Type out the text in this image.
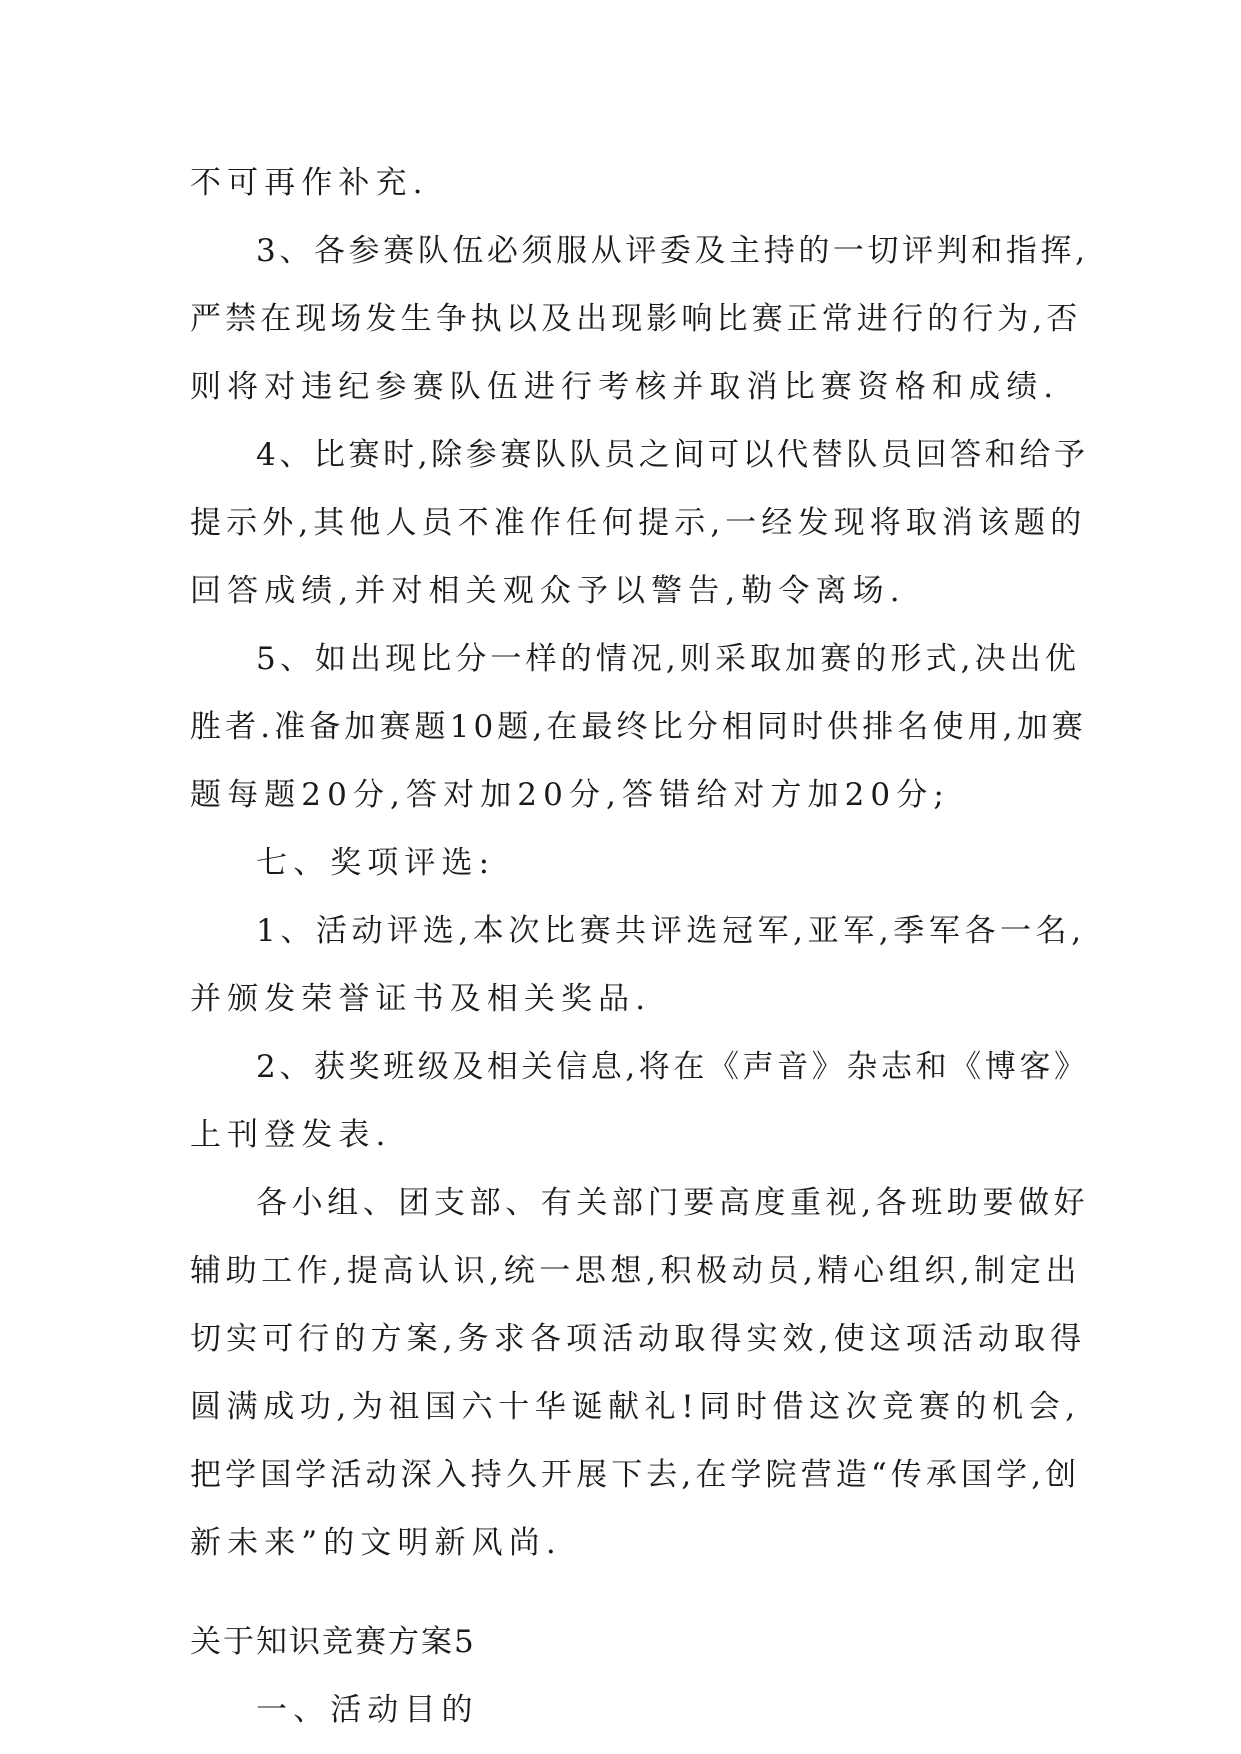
不可再作补充.
3、各参赛队伍必须服从评委及主持的一切评判和指挥,
严禁在现场发生争执以及出现影响比赛正常进行的行为,否
则将对违纪参赛队伍进行考核并取消比赛资格和成绩.
4、比赛时,除参赛队队员之间可以代替队员回答和给予
提示外,其他人员不准作任何提示,一经发现将取消该题的
回答成绩,并对相关观众予以警告,勒令离场.
5、如出现比分一样的情况,则采取加赛的形式,决出优
胜者.准备加赛题10题,在最终比分相同时供排名使用,加赛
题每题20分,答对加20分,答错给对方加20分;
七、奖项评选:
1、活动评选,本次比赛共评选冠军,亚军,季军各一名,
并颁发荣誉证书及相关奖品.
2、获奖班级及相关信息,将在《声音》杂志和《博客》
上刊登发表.
各小组、团支部、有关部门要高度重视,各班助要做好
辅助工作,提高认识,统一思想,积极动员,精心组织,制定出
切实可行的方案,务求各项活动取得实效,使这项活动取得
圆满成功,为祖国六十华诞献礼!同时借这次竞赛的机会,
把学国学活动深入持久开展下去,在学院营造“传承国学,创
新未来”的文明新风尚.
关于知识竞赛方案5
一、活动目的
